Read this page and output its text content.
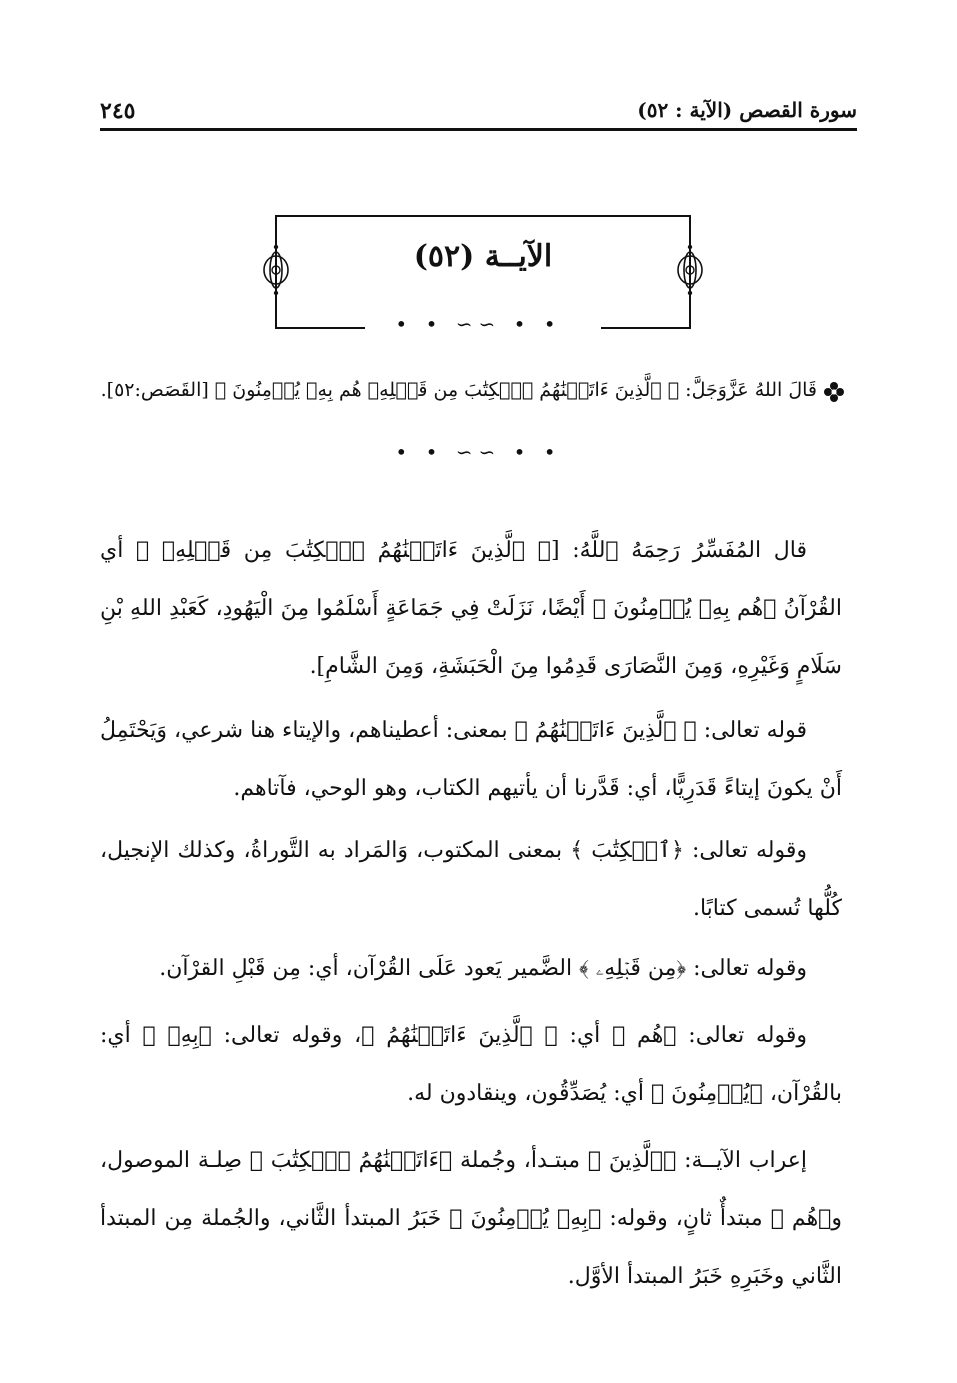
سورة القصص (الآية : ٥٢)
٢٤٥
الآيــة (٥٢)
• • ∽∽ • •
قَالَ اللهُ عَزَّوَجَلَّ: ﴿ ٱلَّذِينَ ءَاتَيۡنَٰهُمُ ٱلۡكِتَٰبَ مِن قَبۡلِهِۦ هُم بِهِۦ يُؤۡمِنُونَ ﴾ [القَصَص:٥٢].
• • ∽∽ • •

قال المُفَسِّرُ رَحِمَهُ ٱللَّهُ: [﴿ ٱلَّذِينَ ءَاتَيۡنَٰهُمُ ٱلۡكِتَٰبَ مِن قَبۡلِهِۦ ﴾ أي القُرْآنُ ﴿هُم بِهِۦ يُؤۡمِنُونَ ﴾ أَيْضًا، نَزَلَتْ فِي جَمَاعَةٍ أَسْلَمُوا مِنَ الْيَهُودِ، كَعَبْدِ اللهِ بْنِ سَلَامٍ وَغَيْرِهِ، وَمِنَ النَّصَارَى قَدِمُوا مِنَ الْحَبَشَةِ، وَمِنَ الشَّامِ].

قوله تعالى: ﴿ ٱلَّذِينَ ءَاتَيۡنَٰهُمُ ﴾ بمعنى: أعطيناهم، والإيتاء هنا شرعي، وَيَحْتَمِلُ أَنْ يكونَ إيتاءً قَدَرِيًّا، أي: قَدَّرنا أن يأتيهم الكتاب، وهو الوحي، فآتاهم.

وقوله تعالى: ﴿ٱلۡكِتَٰبَ ﴾ بمعنى المكتوب، وَالمَراد به التَّوراةُ، وكذلك الإنجيل، كُلُّها تُسمى كتابًا.

وقوله تعالى: ﴿مِن قَبۡلِهِۦ ﴾ الضَّمير يَعود عَلَى القُرْآن، أي: مِن قَبْلِ القرْآن.

وقوله تعالى: ﴿هُم ﴾ أي: ﴿ ٱلَّذِينَ ءَاتَيۡنَٰهُمُ ﴾، وقوله تعالى: ﴿بِهِۦ ﴾ أي: بالقُرْآن، ﴿يُؤۡمِنُونَ ﴾ أي: يُصَدِّقُون، وينقادون له.

إعراب الآيــة: ﴿ٱلَّذِينَ ﴾ مبتـدأ، وجُملة ﴿ءَاتَيۡنَٰهُمُ ٱلۡكِتَٰبَ ﴾ صِلـة الموصول، و﴿هُم ﴾ مبتدأٌ ثانٍ، وقوله: ﴿بِهِۦ يُؤۡمِنُونَ ﴾ خَبَرُ المبتدأ الثَّاني، والجُملة مِن المبتدأ الثَّاني وخَبَرِهِ خَبَرُ المبتدأ الأوَّل.
